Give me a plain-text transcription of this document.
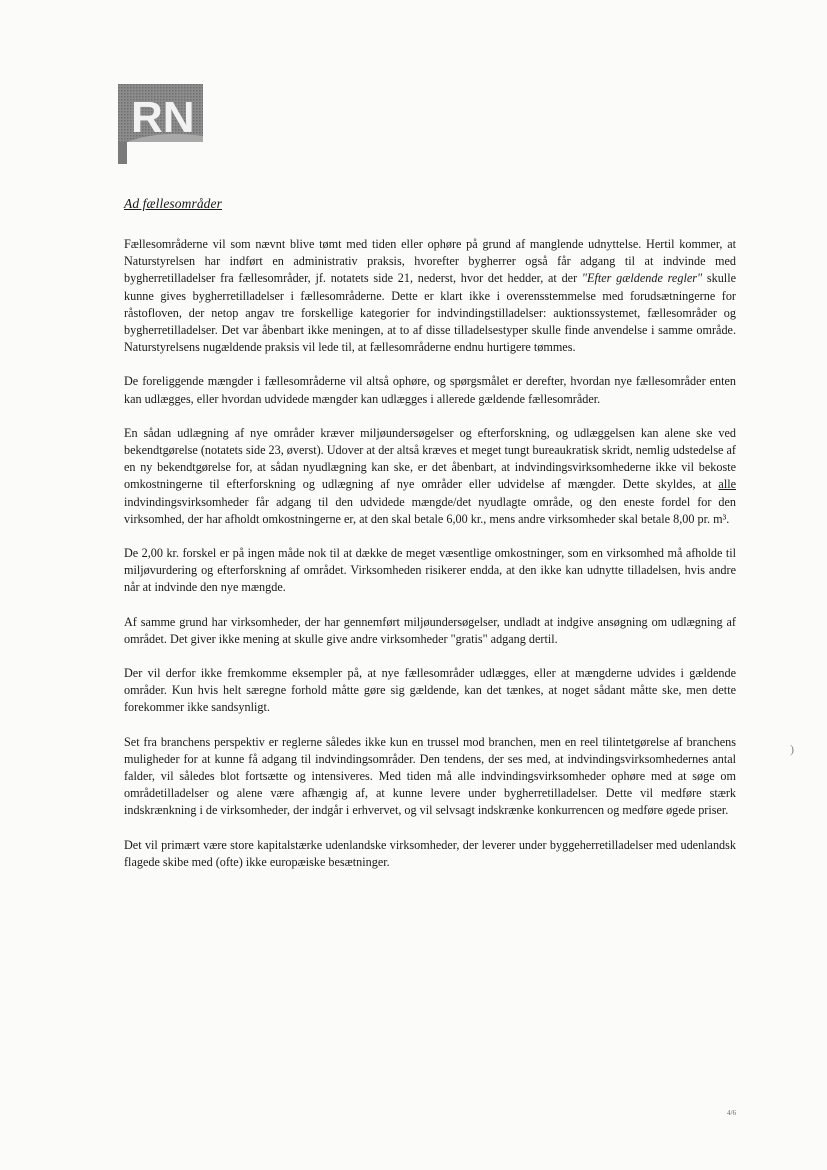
RN
Ad fællesområder

Fællesområderne vil som nævnt blive tømt med tiden eller ophøre på grund af manglende udnyttelse. Hertil kommer, at Naturstyrelsen har indført en administrativ praksis, hvorefter bygherrer også får adgang til at indvinde med bygherretilladelser fra fællesområder, jf. notatets side 21, nederst, hvor det hedder, at der "Efter gældende regler" skulle kunne gives bygherretilladelser i fællesområderne. Dette er klart ikke i overensstemmelse med forudsætningerne for råstofloven, der netop angav tre forskellige kategorier for indvindingstilladelser: auktionssystemet, fællesområder og bygherretilladelser. Det var åbenbart ikke meningen, at to af disse tilladelsestyper skulle finde anvendelse i samme område. Naturstyrelsens nugældende praksis vil lede til, at fællesområderne endnu hurtigere tømmes.

De foreliggende mængder i fællesområderne vil altså ophøre, og spørgsmålet er derefter, hvordan nye fællesområder enten kan udlægges, eller hvordan udvidede mængder kan udlægges i allerede gældende fællesområder.

En sådan udlægning af nye områder kræver miljøundersøgelser og efterforskning, og udlæggelsen kan alene ske ved bekendtgørelse (notatets side 23, øverst). Udover at der altså kræves et meget tungt bureaukratisk skridt, nemlig udstedelse af en ny bekendtgørelse for, at sådan nyudlægning kan ske, er det åbenbart, at indvindingsvirksomhederne ikke vil bekoste omkostningerne til efterforskning og udlægning af nye områder eller udvidelse af mængder. Dette skyldes, at alle indvindingsvirksomheder får adgang til den udvidede mængde/det nyudlagte område, og den eneste fordel for den virksomhed, der har afholdt omkostningerne er, at den skal betale 6,00 kr., mens andre virksomheder skal betale 8,00 pr. m³.

De 2,00 kr. forskel er på ingen måde nok til at dække de meget væsentlige omkostninger, som en virksomhed må afholde til miljøvurdering og efterforskning af området. Virksomheden risikerer endda, at den ikke kan udnytte tilladelsen, hvis andre når at indvinde den nye mængde.

Af samme grund har virksomheder, der har gennemført miljøundersøgelser, undladt at indgive ansøgning om udlægning af området. Det giver ikke mening at skulle give andre virksomheder "gratis" adgang dertil.

Der vil derfor ikke fremkomme eksempler på, at nye fællesområder udlægges, eller at mængderne udvides i gældende områder. Kun hvis helt særegne forhold måtte gøre sig gældende, kan det tænkes, at noget sådant måtte ske, men dette forekommer ikke sandsynligt.

Set fra branchens perspektiv er reglerne således ikke kun en trussel mod branchen, men en reel tilintetgørelse af branchens muligheder for at kunne få adgang til indvindingsområder. Den tendens, der ses med, at indvindingsvirksomhedernes antal falder, vil således blot fortsætte og intensiveres. Med tiden må alle indvindingsvirksomheder ophøre med at søge om områdetilladelser og alene være afhængig af, at kunne levere under bygherretilladelser. Dette vil medføre stærk indskrænkning i de virksomheder, der indgår i erhvervet, og vil selvsagt indskrænke konkurrencen og medføre øgede priser.

Det vil primært være store kapitalstærke udenlandske virksomheder, der leverer under byggeherretilladelser med udenlandsk flagede skibe med (ofte) ikke europæiske besætninger.

)
4/6
